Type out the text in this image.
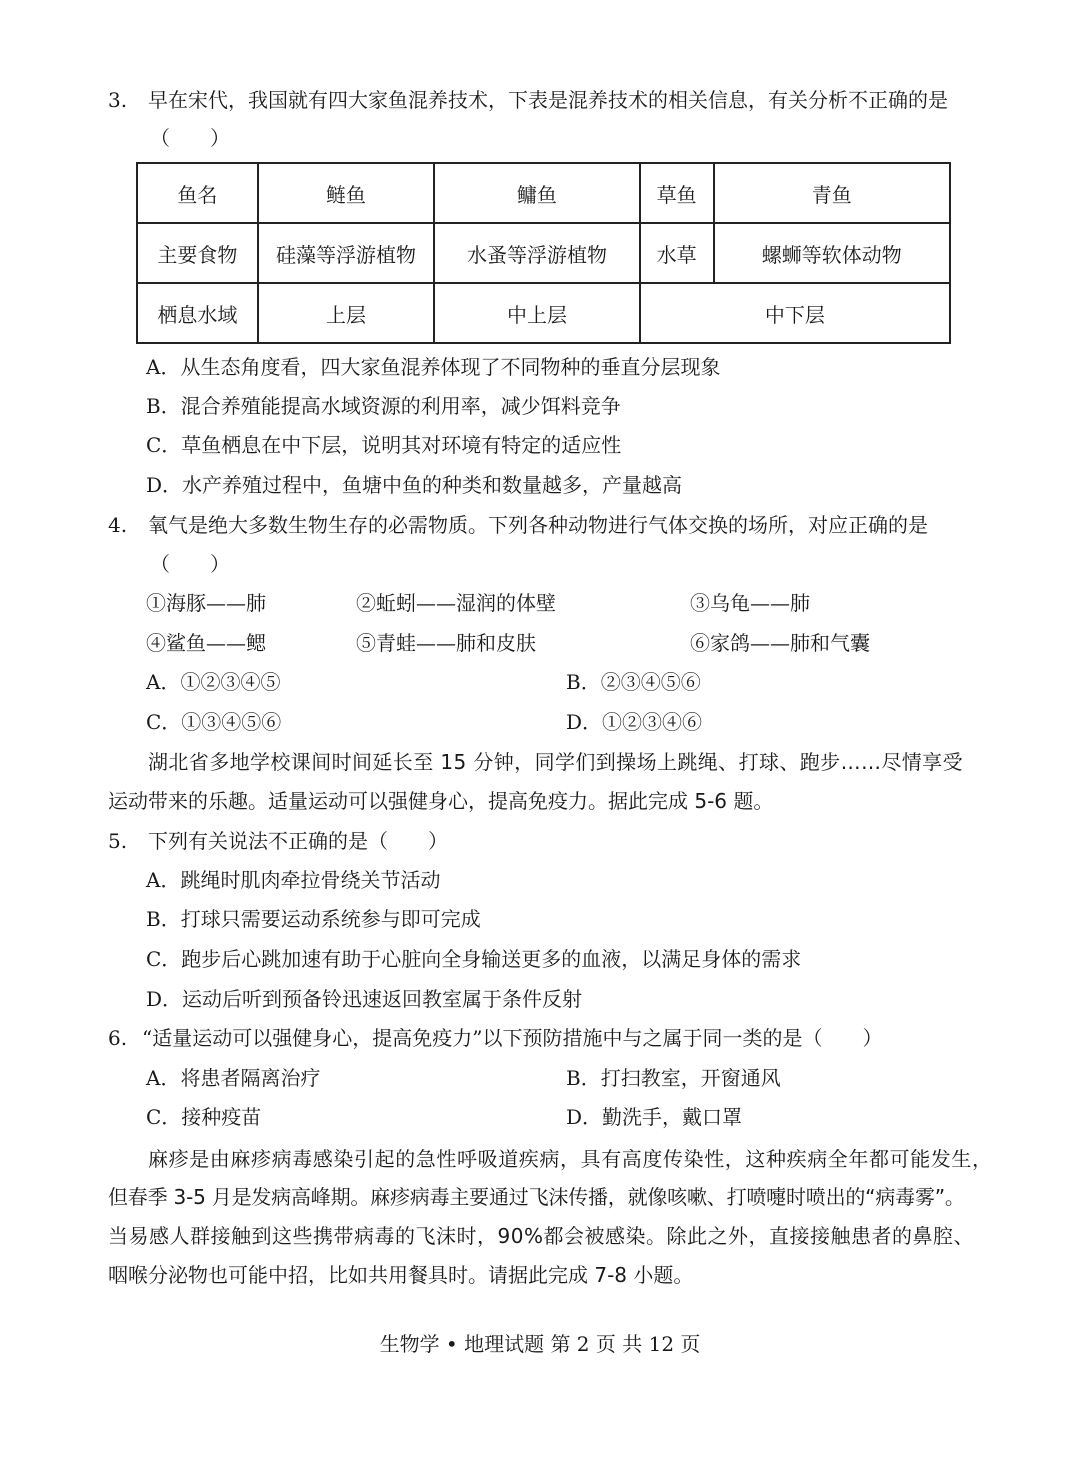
3. 早在宋代，我国就有四大家鱼混养技术，下表是混养技术的相关信息，有关分析不正确的是
（　　）
鱼名	鲢鱼	鳙鱼	草鱼	青鱼
主要食物	硅藻等浮游植物	水蚤等浮游植物	水草	螺蛳等软体动物
栖息水域	上层	中上层	中下层	
A．从生态角度看，四大家鱼混养体现了不同物种的垂直分层现象
B．混合养殖能提高水域资源的利用率，减少饵料竞争
C．草鱼栖息在中下层，说明其对环境有特定的适应性
D．水产养殖过程中，鱼塘中鱼的种类和数量越多，产量越高
4. 氧气是绝大多数生物生存的必需物质。下列各种动物进行气体交换的场所，对应正确的是
（　　）
①海豚——肺	②蚯蚓——湿润的体壁	③乌龟——肺
④鲨鱼——鳃	⑤青蛙——肺和皮肤	⑥家鸽——肺和气囊
A．①②③④⑤	B．②③④⑤⑥
C．①③④⑤⑥	D．①②③④⑥
湖北省多地学校课间时间延长至 15 分钟，同学们到操场上跳绳、打球、跑步……尽情享受
运动带来的乐趣。适量运动可以强健身心，提高免疫力。据此完成 5-6 题。
5. 下列有关说法不正确的是（　　）
A．跳绳时肌肉牵拉骨绕关节活动
B．打球只需要运动系统参与即可完成
C．跑步后心跳加速有助于心脏向全身输送更多的血液，以满足身体的需求
D．运动后听到预备铃迅速返回教室属于条件反射
6. “适量运动可以强健身心，提高免疫力”以下预防措施中与之属于同一类的是（　　）
A．将患者隔离治疗	B．打扫教室，开窗通风
C．接种疫苗	D．勤洗手，戴口罩
麻疹是由麻疹病毒感染引起的急性呼吸道疾病，具有高度传染性，这种疾病全年都可能发生，
但春季 3-5 月是发病高峰期。麻疹病毒主要通过飞沫传播，就像咳嗽、打喷嚏时喷出的“病毒雾”。
当易感人群接触到这些携带病毒的飞沫时，90%都会被感染。除此之外，直接接触患者的鼻腔、
咽喉分泌物也可能中招，比如共用餐具时。请据此完成 7-8 小题。
生物学 • 地理试题 第 2 页 共 12 页
